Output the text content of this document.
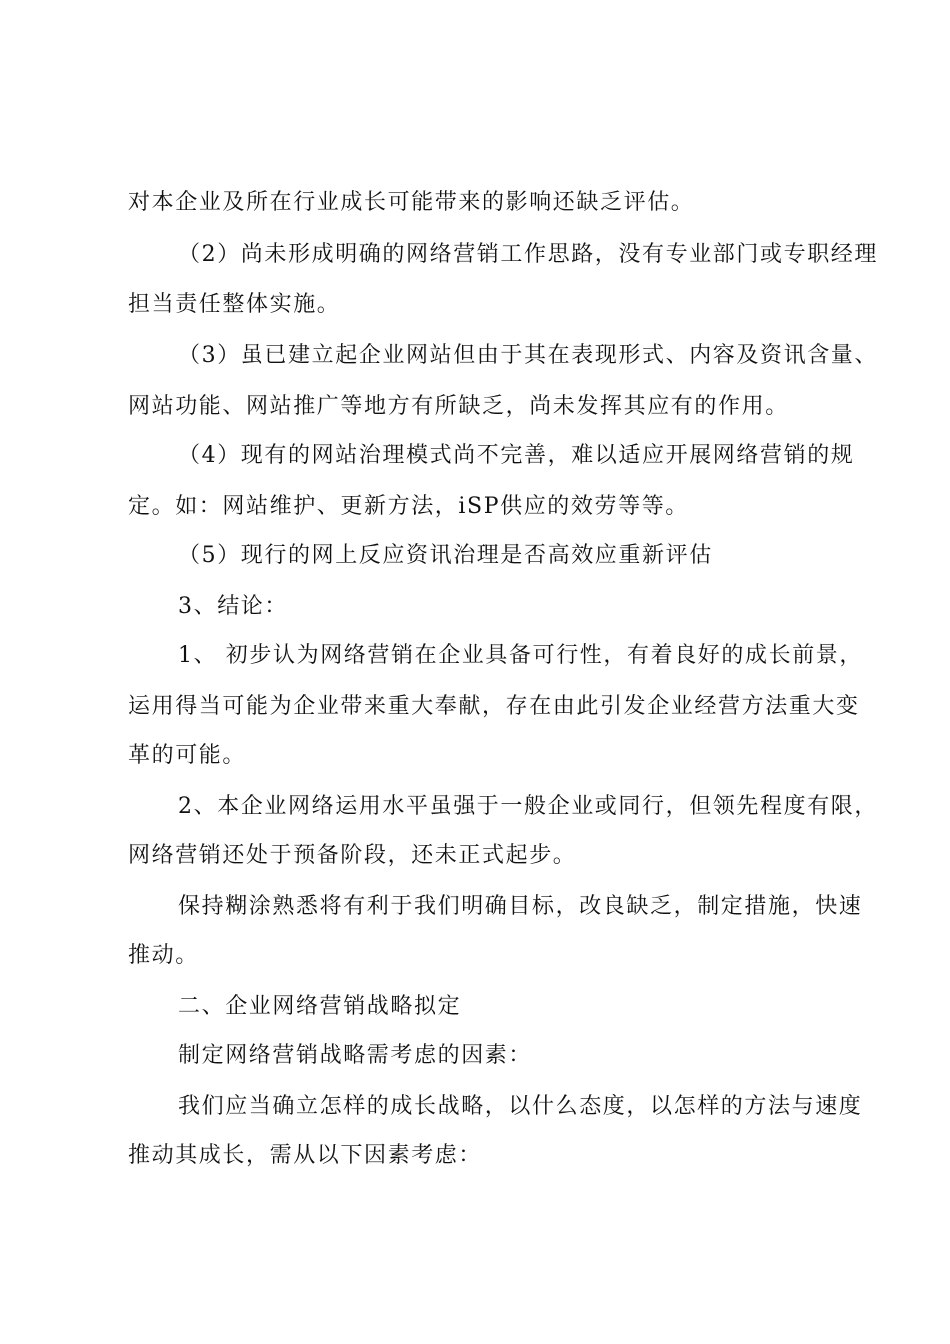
对本企业及所在行业成长可能带来的影响还缺乏评估。
（2）尚未形成明确的网络营销工作思路，没有专业部门或专职经理
担当责任整体实施。
（3）虽已建立起企业网站但由于其在表现形式、内容及资讯含量、
网站功能、网站推广等地方有所缺乏，尚未发挥其应有的作用。
（4）现有的网站治理模式尚不完善，难以适应开展网络营销的规
定。如：网站维护、更新方法，iSP供应的效劳等等。
（5）现行的网上反应资讯治理是否高效应重新评估
3、结论：
1、 初步认为网络营销在企业具备可行性，有着良好的成长前景，
运用得当可能为企业带来重大奉献，存在由此引发企业经营方法重大变
革的可能。
2、本企业网络运用水平虽强于一般企业或同行，但领先程度有限，
网络营销还处于预备阶段，还未正式起步。
保持糊涂熟悉将有利于我们明确目标，改良缺乏，制定措施，快速
推动。
二、企业网络营销战略拟定
制定网络营销战略需考虑的因素：
我们应当确立怎样的成长战略，以什么态度，以怎样的方法与速度
推动其成长，需从以下因素考虑：
